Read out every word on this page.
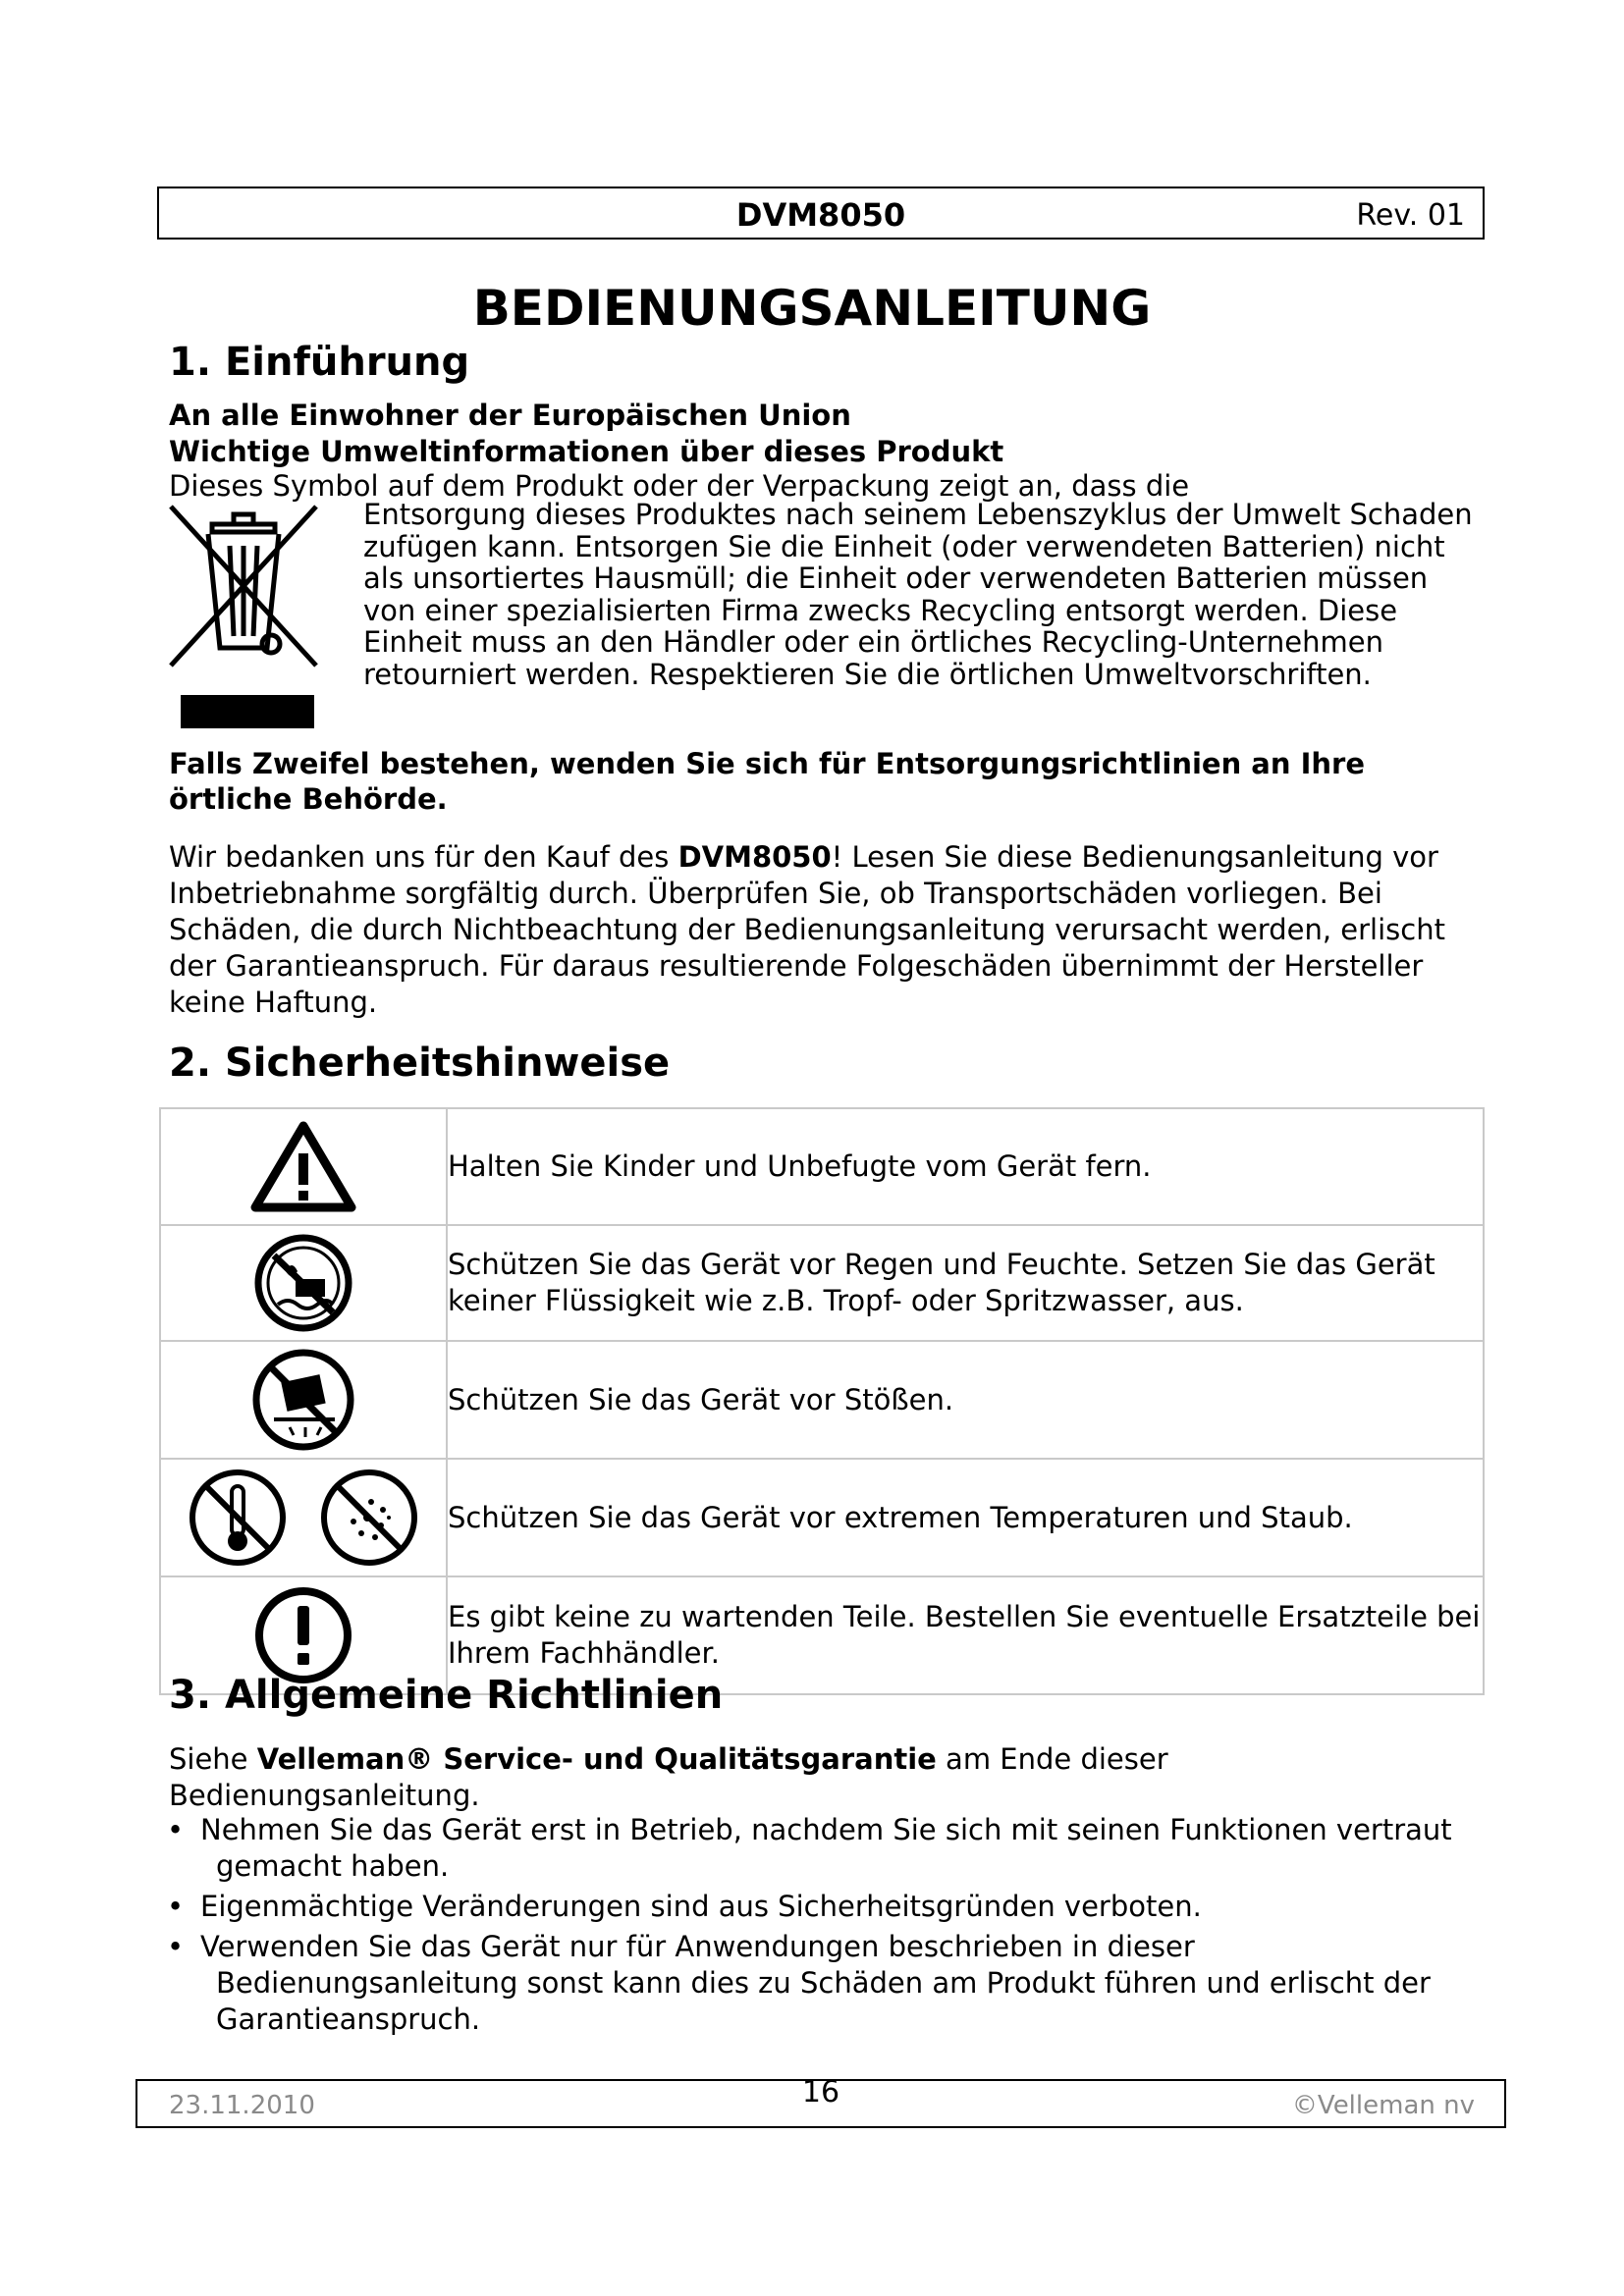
DVM8050	Rev. 01
BEDIENUNGSANLEITUNG
1. Einführung

An alle Einwohner der Europäischen Union

Wichtige Umweltinformationen über dieses Produkt

Dieses Symbol auf dem Produkt oder der Verpackung zeigt an, dass die

Entsorgung dieses Produktes nach seinem Lebenszyklus der Umwelt Schaden zufügen kann. Entsorgen Sie die Einheit (oder verwendeten Batterien) nicht als unsortiertes Hausmüll; die Einheit oder verwendeten Batterien müssen von einer spezialisierten Firma zwecks Recycling entsorgt werden. Diese Einheit muss an den Händler oder ein örtliches Recycling-Unternehmen retourniert werden. Respektieren Sie die örtlichen Umweltvorschriften.

Falls Zweifel bestehen, wenden Sie sich für Entsorgungsrichtlinien an Ihre örtliche Behörde.

Wir bedanken uns für den Kauf des DVM8050! Lesen Sie diese Bedienungsanleitung vor Inbetriebnahme sorgfältig durch. Überprüfen Sie, ob Transportschäden vorliegen. Bei Schäden, die durch Nichtbeachtung der Bedienungsanleitung verursacht werden, erlischt der Garantieanspruch. Für daraus resultierende Folgeschäden übernimmt der Hersteller keine Haftung.

2. Sicherheitshinweise
	Halten Sie Kinder und Unbefugte vom Gerät fern.
	Schützen Sie das Gerät vor Regen und Feuchte. Setzen Sie das Gerät keiner Flüssigkeit wie z.B. Tropf- oder Spritzwasser, aus.
	Schützen Sie das Gerät vor Stößen.
	Schützen Sie das Gerät vor extremen Temperaturen und Staub.
	Es gibt keine zu wartenden Teile. Bestellen Sie eventuelle Ersatzteile bei Ihrem Fachhändler.
3. Allgemeine Richtlinien

Siehe Velleman® Service- und Qualitätsgarantie am Ende dieser Bedienungsanleitung.

• Nehmen Sie das Gerät erst in Betrieb, nachdem Sie sich mit seinen Funktionen vertraut gemacht haben.
• Eigenmächtige Veränderungen sind aus Sicherheitsgründen verboten.
• Verwenden Sie das Gerät nur für Anwendungen beschrieben in dieser Bedienungsanleitung sonst kann dies zu Schäden am Produkt führen und erlischt der Garantieanspruch.
23.11.2010	16	©Velleman nv
